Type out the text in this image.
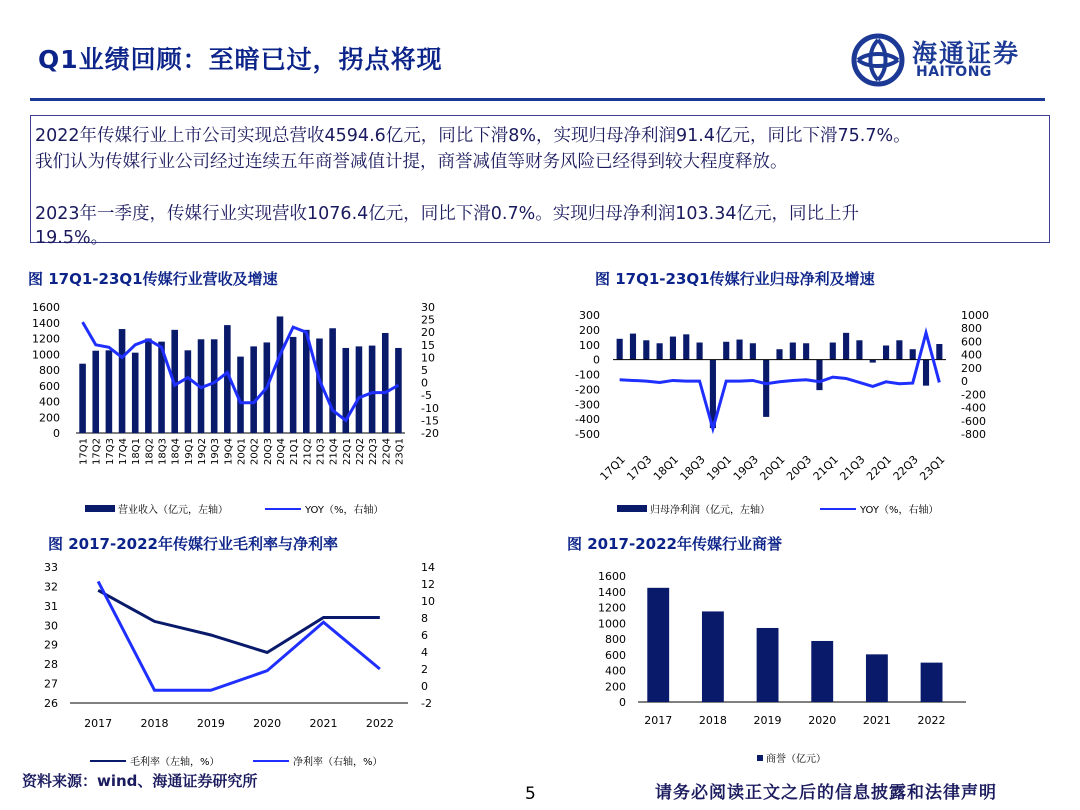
Q1业绩回顾：至暗已过，拐点将现	海通证券
HAITONG

2022年传媒行业上市公司实现总营收4594.6亿元，同比下滑8%，实现归母净利润91.4亿元，同比下滑75.7%。

我们认为传媒行业公司经过连续五年商誉减值计提，商誉减值等财务风险已经得到较大程度释放。

2023年一季度，传媒行业实现营收1076.4亿元，同比下滑0.7%。实现归母净利润103.34亿元，同比上升

19.5%。

图 17Q1-23Q1传媒行业营收及增速	图 17Q1-23Q1传媒行业归母净利及增速
图 2017-2022年传媒行业毛利率与净利率	图 2017-2022年传媒行业商誉
0
200
400
600
800
1000
1200
1400
1600
-20
-15
-10
-5
0
5
10
15
20
25
30
17Q1 17Q2 17Q3 17Q4 18Q1 18Q2 18Q3 18Q4 19Q1 19Q2 19Q3 19Q4 20Q1 20Q2 20Q3 20Q4 21Q1 21Q2 21Q3 21Q4 22Q1 22Q2 22Q3 22Q4 23Q1
营业收入（亿元，左轴）	YOY（%，右轴）
-500
-400
-300
-200
-100
0
100
200
300
-800
-600
-400
-200
0
200
400
600
800
1000
17Q1
17Q3
18Q1
18Q3
19Q1
19Q3
20Q1
20Q3
21Q1
21Q3
22Q1
22Q3
23Q1
归母净利润（亿元，左轴）	YOY（%，右轴）
26
27
28
29
30
31
32
33
-2
0
2
4
6
8
10
12
14
2017	2018	2019	2020	2021	2022
毛利率（左轴，%）	净利率（右轴，%）
0
200
400
600
800
1000
1200
1400
1600
2017 2018 2019 2020 2021 2022
商誉（亿元）
资料来源：wind、海通证券研究所
5	请务必阅读正文之后的信息披露和法律声明
